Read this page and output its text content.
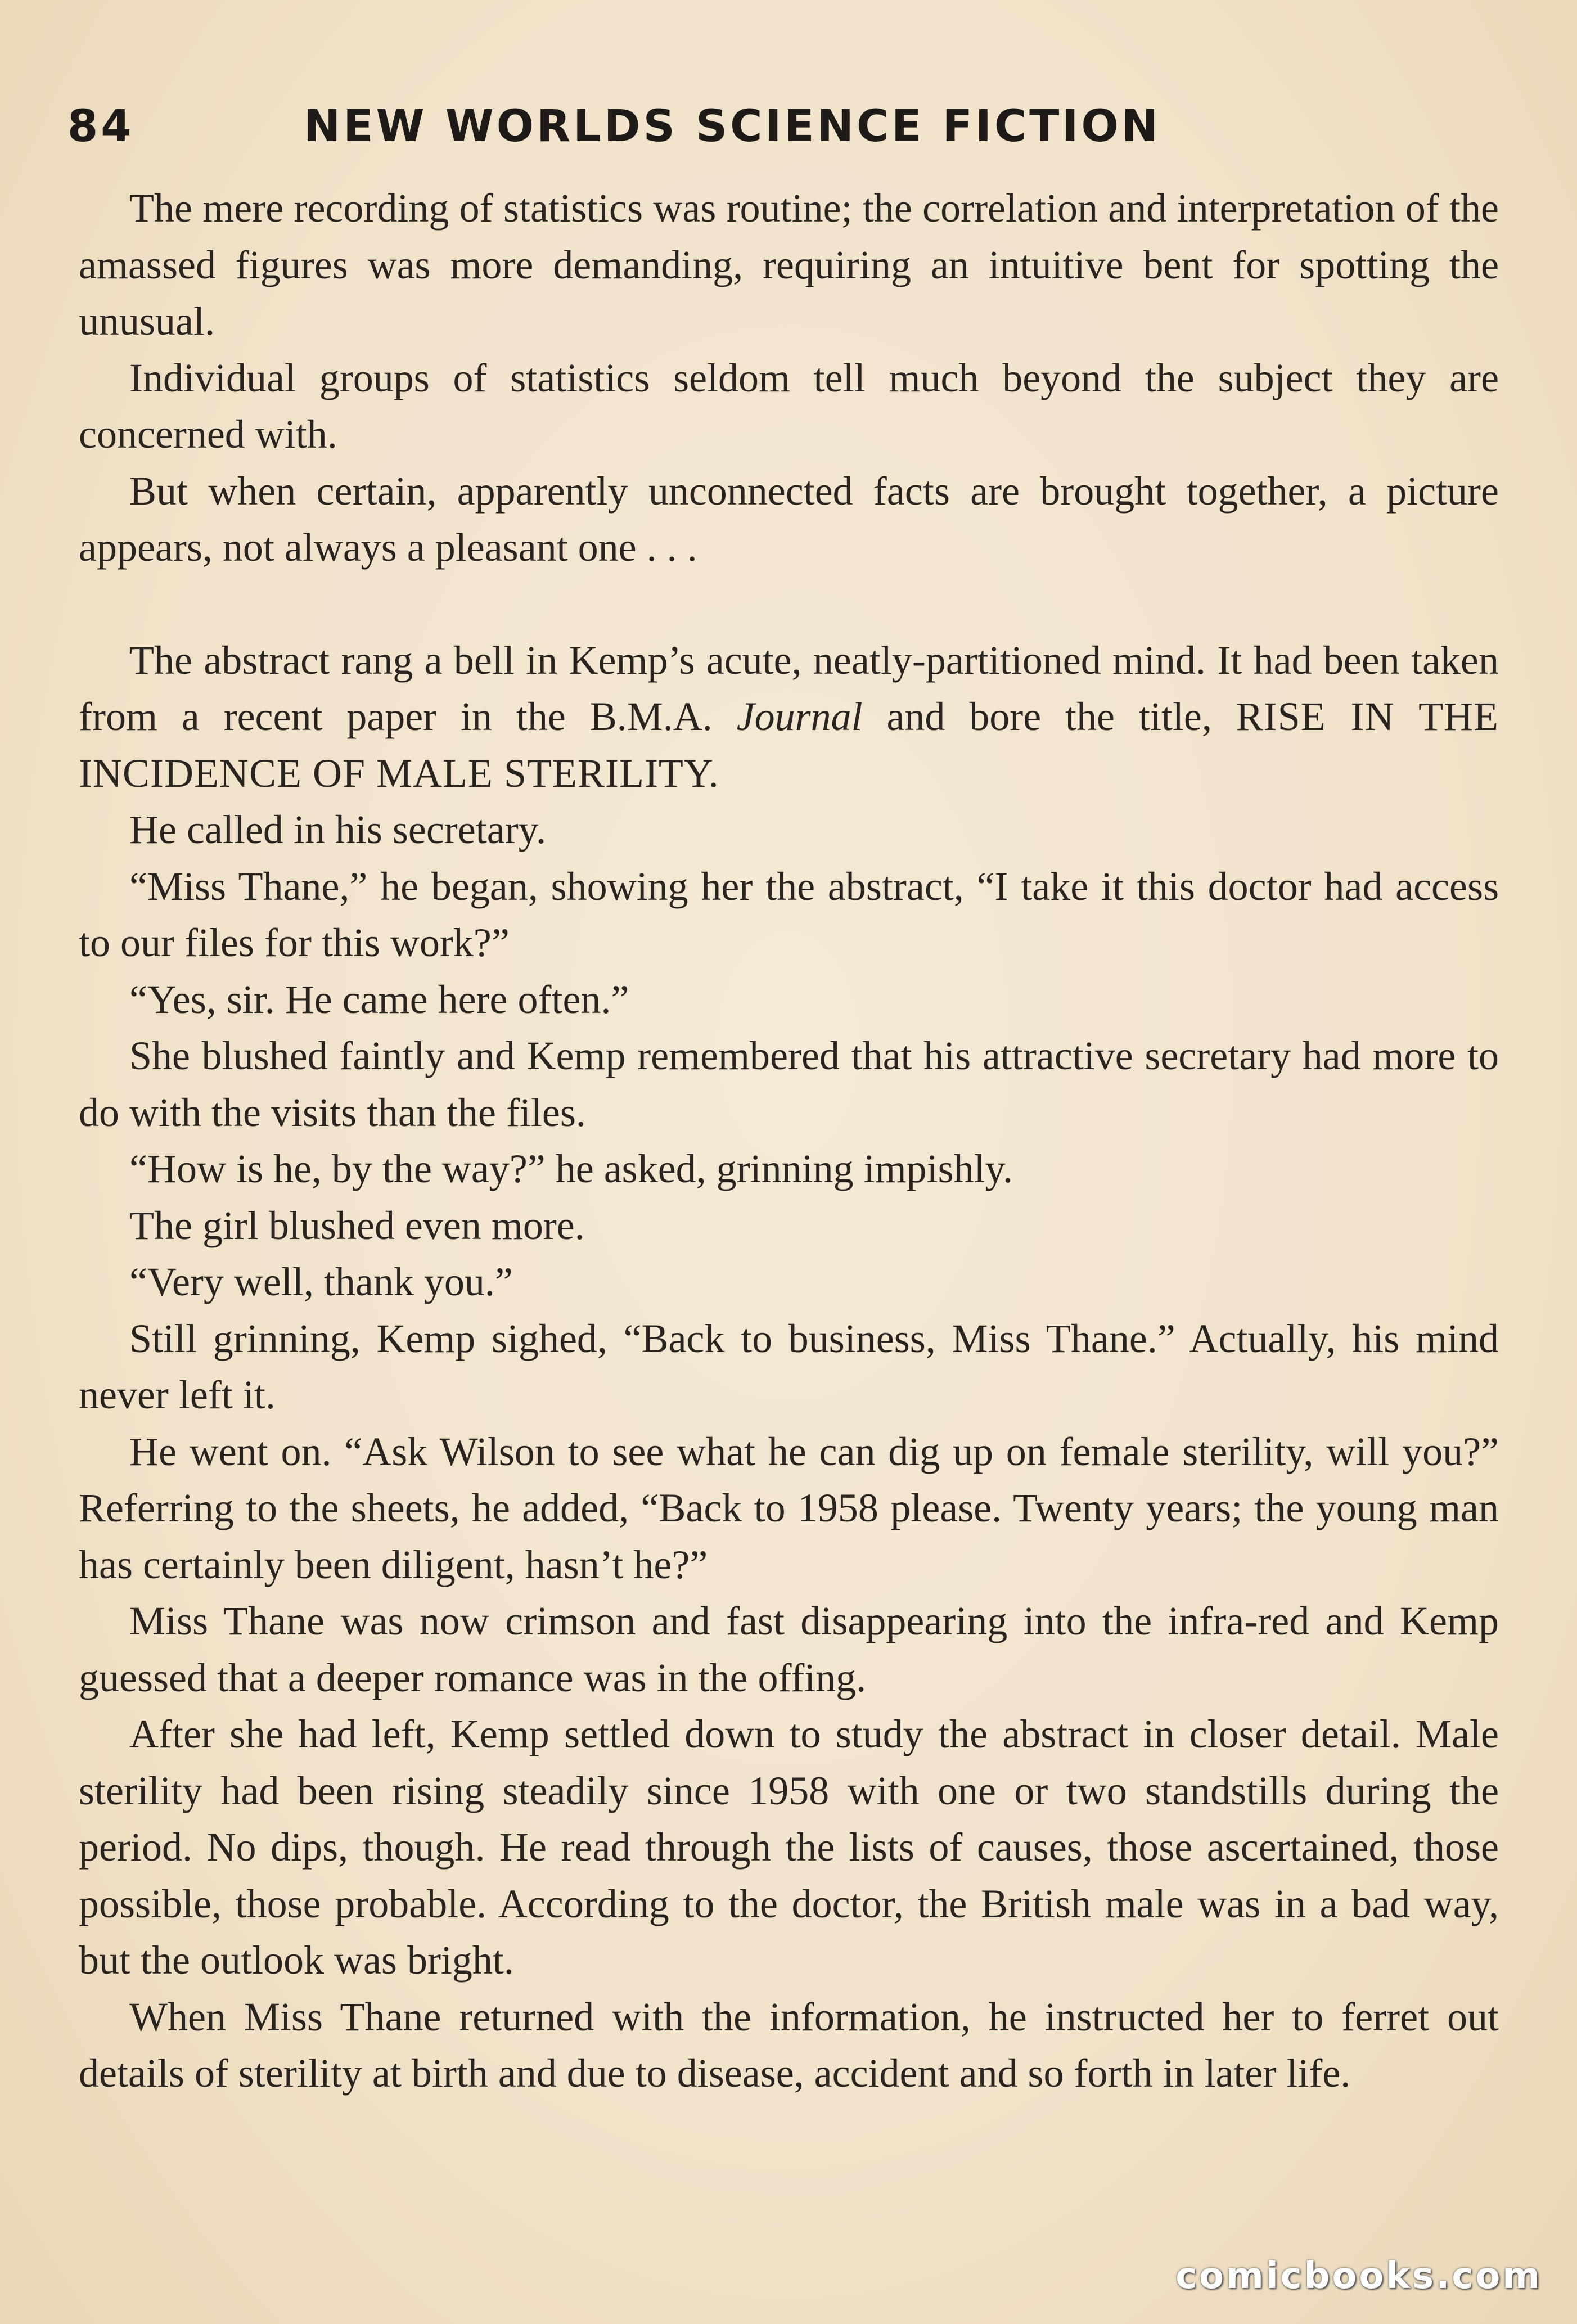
84	NEW WORLDS SCIENCE FICTION

The mere recording of statistics was routine; the correlation and interpretation of the amassed figures was more demanding, requiring an intuitive bent for spotting the unusual.

Individual groups of statistics seldom tell much beyond the subject they are concerned with.

But when certain, apparently unconnected facts are brought together, a picture appears, not always a pleasant one . . .

The abstract rang a bell in Kemp’s acute, neatly-partitioned mind. It had been taken from a recent paper in the B.M.A. Journal and bore the title, RISE IN THE INCIDENCE OF MALE STERILITY.

He called in his secretary.

“Miss Thane,” he began, showing her the abstract, “I take it this doctor had access to our files for this work?”

“Yes, sir. He came here often.”

She blushed faintly and Kemp remembered that his attractive secretary had more to do with the visits than the files.

“How is he, by the way?” he asked, grinning impishly.

The girl blushed even more.

“Very well, thank you.”

Still grinning, Kemp sighed, “Back to business, Miss Thane.” Actually, his mind never left it.

He went on. “Ask Wilson to see what he can dig up on female sterility, will you?” Referring to the sheets, he added, “Back to 1958 please. Twenty years; the young man has certainly been diligent, hasn’t he?”

Miss Thane was now crimson and fast disappearing into the infra-red and Kemp guessed that a deeper romance was in the offing.

After she had left, Kemp settled down to study the abstract in closer detail. Male sterility had been rising steadily since 1958 with one or two standstills during the period. No dips, though. He read through the lists of causes, those ascertained, those possible, those probable. According to the doctor, the British male was in a bad way, but the outlook was bright.

When Miss Thane returned with the information, he instructed her to ferret out details of sterility at birth and due to disease, accident and so forth in later life.

comicbooks.com
